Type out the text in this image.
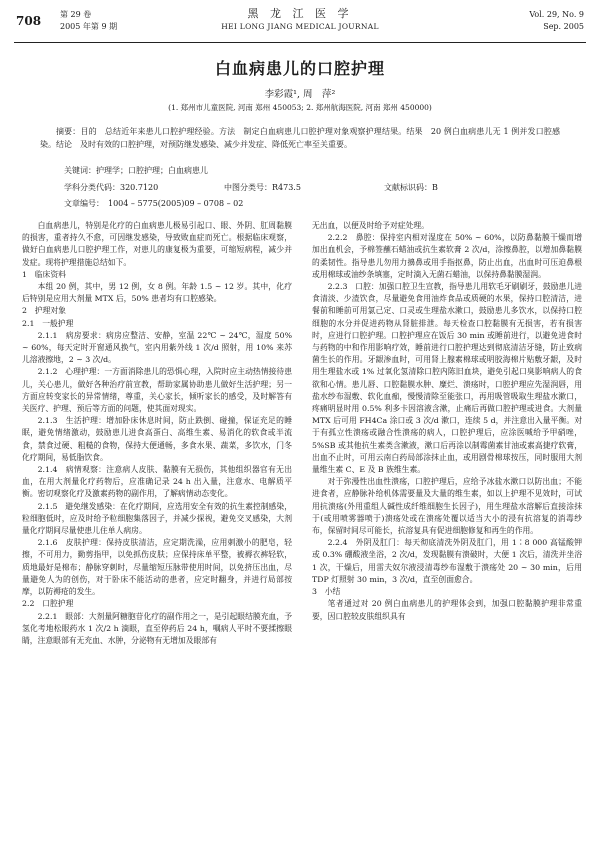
708 第 29 卷
2005 年第 9 期
黑 龙 江 医 学
HEI LONG JIANG MEDICAL JOURNAL
Vol. 29, No. 9
Sep. 2005
白血病患儿的口腔护理
李彩霞¹, 周　萍²
(1. 郑州市儿童医院, 河南 郑州 450053; 2. 郑州航海医院, 河南 郑州 450000)

摘要：目的　总结近年来患儿口腔护理经验。方法　制定白血病患儿口腔护理对象观察护理结果。结果　20 例白血病患儿无 1 例并发口腔感染。结论　及时有效的口腔护理，对预防继发感染、减少并发症、降低死亡率至关重要。

关键词：护理学；口腔护理；白血病患儿
学科分类代码：320.7120	中图分类号：R473.5	文献标识码：B
文章编号：　1004 – 5775(2005)09 – 0708 – 02

白血病患儿，特别是化疗的白血病患儿极易引起口、眼、外阴、肛周黏膜的损害，重者持久不愈，可因继发感染，导致败血症而死亡。根据临床观察，做好白血病患儿口腔护理工作，对患儿的康复极为重要，可缩短病程，减少并发症。现将护理措施总结如下。

1　临床资料

本组 20 例，其中，男 12 例，女 8 例。年龄 1.5 ~ 12 岁。其中，化疗后特别是应用大剂量 MTX 后，50% 患者均有口腔感染。

2　护理对象

2.1　一般护理

2.1.1　病房要求：病房应整洁、安静，室温 22℃ ~ 24℃，湿度 50% ~ 60%，每天定时开窗通风换气，室内用紫外线 1 次/d 照射，用 10% 来苏儿溶液擦地，2 ~ 3 次/d。

2.1.2　心理护理：一方面消除患儿的恐惧心理，入院时应主动热情接待患儿，关心患儿，做好各种治疗前宣教，帮助家属协助患儿做好生活护理；另一方面应转变家长的异常情绪，尊重，关心家长，倾听家长的感受，及时解答有关医疗、护理、预后等方面的问题，使其面对现实。

2.1.3　生活护理：增加卧床休息时间，防止跌倒、碰撞，保证充足的睡眠，避免情绪激动，鼓励患儿进食高蛋白、高维生素、易消化的软食或半流食，禁食过硬、粗糙的食物，保持大便通畅，多食水果、蔬菜，多饮水，门冬化疗期间，易低脂饮食。

2.1.4　病情观察：注意病人皮肤、黏膜有无损伤，其他组织器官有无出血，在用大剂量化疗药物后，应准确记录 24 h 出入量，注意水、电解质平衡。密切观察化疗及激素药物的副作用，了解病情动态变化。

2.1.5　避免继发感染：在化疗期间，应选用安全有效的抗生素控制感染，粒细胞低时，应及时给予粒细胞集落因子，并减少探视，避免交叉感染，大剂量化疗期间尽量使患儿住单人病房。

2.1.6　皮肤护理：保持皮肤清洁，应定期洗澡，应用刺激小的肥皂，轻擦，不可用力，勤剪指甲，以免抓伤皮肤；应保持床单平整，被褥衣裤轻软，质地最好是棉布；静脉穿刺时，尽量缩短压脉带使用时间，以免挤压出血，尽量避免人为的创伤，对于卧床不能活动的患者，应定时翻身，并进行局部按摩，以防褥疮的发生。

2.2　口腔护理

2.2.1　眼部：大剂量阿糖胞苷化疗的副作用之一，是引起眼结膜充血，予氢化考地松眼药水 1 次/2 h 滴眼，直至停药后 24 h，嘱病人平时不要揉擦眼睛，注意眼部有无充血、水肿，分泌物有无增加及眼部有

无出血，以便及时给予对症处理。

2.2.2　鼻腔：保持室内相对湿度在 50% ~ 60%，以防鼻黏膜干燥而增加出血机会，予棉签蘸石蜡油或抗生素软膏 2 次/d，涂擦鼻腔，以增加鼻黏膜的柔韧性。指导患儿勿用力擤鼻或用手指抠鼻，防止出血，出血时可压迫鼻根或用棉球或油纱条填塞，定时滴入无菌石蜡油，以保持鼻黏膜湿润。

2.2.3　口腔：加强口腔卫生宣教，指导患儿用软毛牙刷刷牙，鼓励患儿进食清淡、少渣饮食，尽量避免食用油炸食品或质硬的水果，保持口腔清洁，进餐前和睡前可用氯己定、口灵或生理盐水漱口，鼓励患儿多饮水，以保持口腔细胞的水分并促进药物从肾脏排泄。每天检查口腔黏膜有无损害，若有损害时，应进行口腔护理。口腔护理应在饭后 30 min 或睡前进行，以避免进食时与药物的中和作用影响疗效，睡前进行口腔护理达到彻底清洁牙缝，防止致病菌生长的作用。牙龈渗血时，可用肾上腺素棉球或明胶海棉片贴敷牙龈，及时用生理盐水或 1% 过氧化氢清除口腔内陈旧血块，避免引起口臭影响病人的食欲和心情。患儿唇、口腔黏膜水肿、糜烂、溃疡时，口腔护理应先湿润唇，用盐水纱布湿敷、软化血痂，慢慢清除至能张口，再用吸管吸取生理盐水漱口，疼痛明显时用 0.5% 利多卡因溶液含漱，止痛后再做口腔护理或进食。大剂量 MTX 后可用 FH4Ca 涂口或 3 次/d 漱口，连续 5 d，并注意出入量平衡。对于有孤立性溃疡或融合性溃疡的病人，口腔护理后，应涂医喊给予甲硝唑，5%SB 或其他抗生素类含漱液，漱口后再涂以制霉菌素甘油或素高捷疗软膏，出血不止时，可用云南白药局部涂抹止血，或用剧骨棉球按压，同时服用大剂量维生素 C、E 及 B 族维生素。

对于弥漫性出血性溃疡，口腔护理后，应给予冰盐水漱口以防出血；不能进食者，应静脉补给机体需要量及大量的维生素，如以上护理不见效时，可试用抗溃疡(外用重组人碱性成纤维细胞生长因子)，用生理盐水溶解后直接涂抹于(或用喷雾器喷于)溃疡处或在溃疡处覆以适当大小的浸有抗溶复的消毒纱布，保留时间尽可能长，抗溶复具有促进细胞修复和再生的作用。

2.2.4　外阴及肛门：每天彻底清洗外阴及肛门，用 1∶8 000 高锰酸钾或 0.3% 硼酸液坐浴，2 次/d，发现黏膜有溃破时，大便 1 次后，清洗并坐浴 1 次，干燥后，用雷夫奴尔液浸清毒纱布湿敷于溃疡处 20 ~ 30 min，后用 TDP 灯照射 30 min，3 次/d，直至创面愈合。

3　小结

笔者通过对 20 例白血病患儿的护理体会到，加强口腔黏膜护理非常重要，因口腔较皮肤组织具有
